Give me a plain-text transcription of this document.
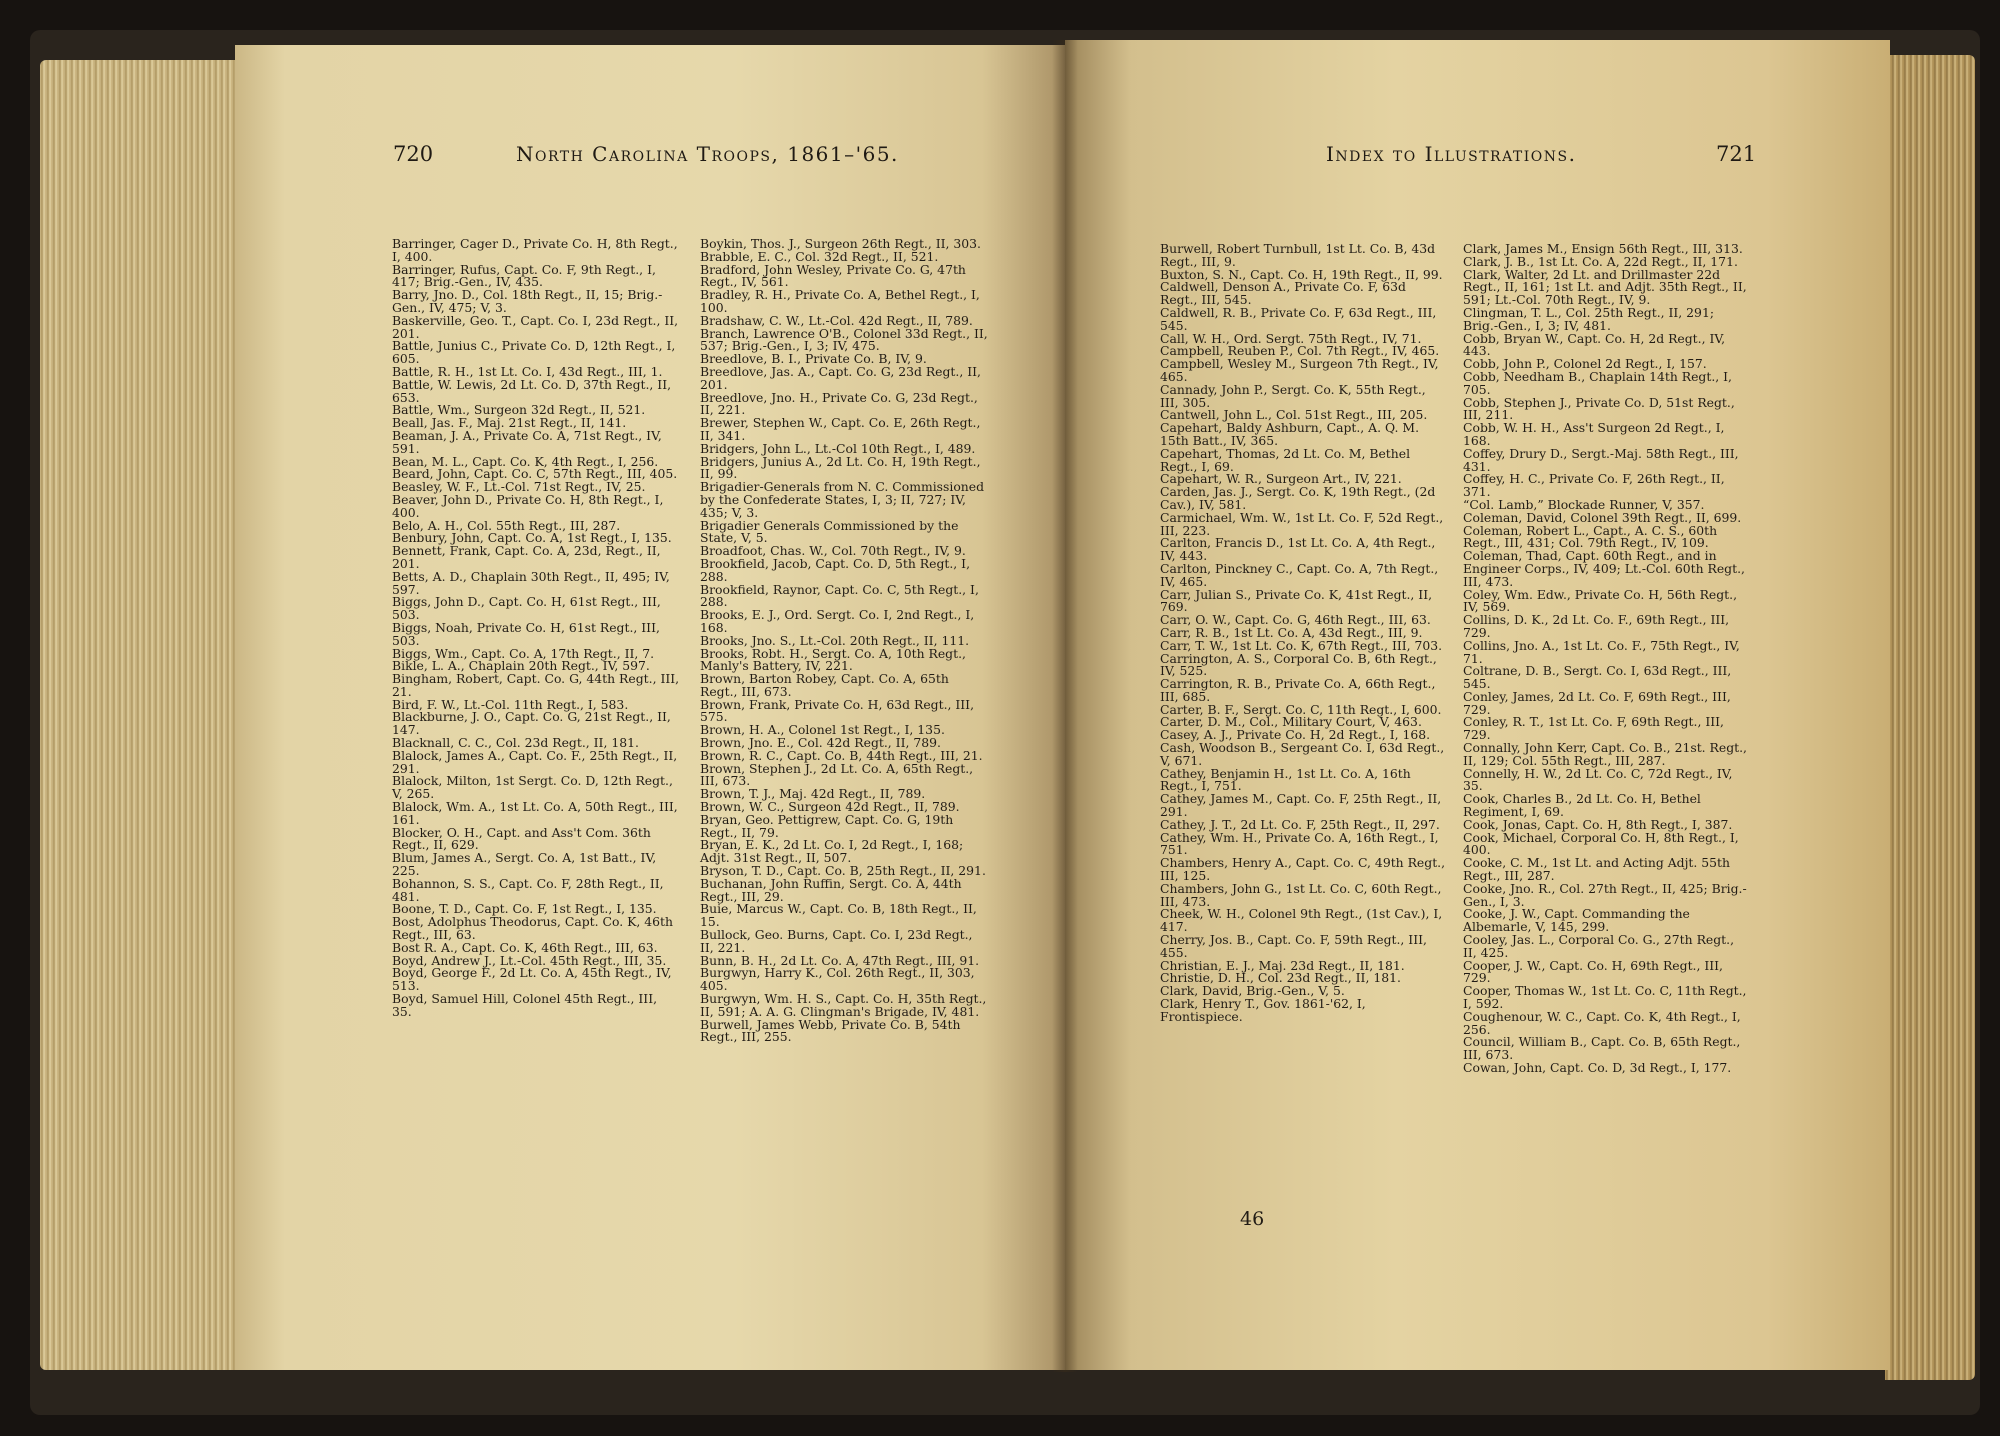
720	North Carolina Troops, 1861–'65.	Index to Illustrations.	721
Barringer, Cager D., Private Co. H, 8th Regt., I, 400.
Barringer, Rufus, Capt. Co. F, 9th Regt., I, 417; Brig.-Gen., IV, 435.
Barry, Jno. D., Col. 18th Regt., II, 15; Brig.-Gen., IV, 475; V, 3.
Baskerville, Geo. T., Capt. Co. I, 23d Regt., II, 201.
Battle, Junius C., Private Co. D, 12th Regt., I, 605.
Battle, R. H., 1st Lt. Co. I, 43d Regt., III, 1.
Battle, W. Lewis, 2d Lt. Co. D, 37th Regt., II, 653.
Battle, Wm., Surgeon 32d Regt., II, 521.
Beall, Jas. F., Maj. 21st Regt., II, 141.
Beaman, J. A., Private Co. A, 71st Regt., IV, 591.
Bean, M. L., Capt. Co. K, 4th Regt., I, 256.
Beard, John, Capt. Co. C, 57th Regt., III, 405.
Beasley, W. F., Lt.-Col. 71st Regt., IV, 25.
Beaver, John D., Private Co. H, 8th Regt., I, 400.
Belo, A. H., Col. 55th Regt., III, 287.
Benbury, John, Capt. Co. A, 1st Regt., I, 135.
Bennett, Frank, Capt. Co. A, 23d, Regt., II, 201.
Betts, A. D., Chaplain 30th Regt., II, 495; IV, 597.
Biggs, John D., Capt. Co. H, 61st Regt., III, 503.
Biggs, Noah, Private Co. H, 61st Regt., III, 503.
Biggs, Wm., Capt. Co. A, 17th Regt., II, 7.
Bikle, L. A., Chaplain 20th Regt., IV, 597.
Bingham, Robert, Capt. Co. G, 44th Regt., III, 21.
Bird, F. W., Lt.-Col. 11th Regt., I, 583.
Blackburne, J. O., Capt. Co. G, 21st Regt., II, 147.
Blacknall, C. C., Col. 23d Regt., II, 181.
Blalock, James A., Capt. Co. F., 25th Regt., II, 291.
Blalock, Milton, 1st Sergt. Co. D, 12th Regt., V, 265.
Blalock, Wm. A., 1st Lt. Co. A, 50th Regt., III, 161.
Blocker, O. H., Capt. and Ass't Com. 36th Regt., II, 629.
Blum, James A., Sergt. Co. A, 1st Batt., IV, 225.
Bohannon, S. S., Capt. Co. F, 28th Regt., II, 481.
Boone, T. D., Capt. Co. F, 1st Regt., I, 135.
Bost, Adolphus Theodorus, Capt. Co. K, 46th Regt., III, 63.
Bost R. A., Capt. Co. K, 46th Regt., III, 63.
Boyd, Andrew J., Lt.-Col. 45th Regt., III, 35.
Boyd, George F., 2d Lt. Co. A, 45th Regt., IV, 513.
Boyd, Samuel Hill, Colonel 45th Regt., III, 35.
Boykin, Thos. J., Surgeon 26th Regt., II, 303.
Brabble, E. C., Col. 32d Regt., II, 521.
Bradford, John Wesley, Private Co. G, 47th Regt., IV, 561.
Bradley, R. H., Private Co. A, Bethel Regt., I, 100.
Bradshaw, C. W., Lt.-Col. 42d Regt., II, 789.
Branch, Lawrence O'B., Colonel 33d Regt., II, 537; Brig.-Gen., I, 3; IV, 475.
Breedlove, B. I., Private Co. B, IV, 9.
Breedlove, Jas. A., Capt. Co. G, 23d Regt., II, 201.
Breedlove, Jno. H., Private Co. G, 23d Regt., II, 221.
Brewer, Stephen W., Capt. Co. E, 26th Regt., II, 341.
Bridgers, John L., Lt.-Col 10th Regt., I, 489.
Bridgers, Junius A., 2d Lt. Co. H, 19th Regt., II, 99.
Brigadier-Generals from N. C. Commissioned by the Confederate States, I, 3; II, 727; IV, 435; V, 3.
Brigadier Generals Commissioned by the State, V, 5.
Broadfoot, Chas. W., Col. 70th Regt., IV, 9.
Brookfield, Jacob, Capt. Co. D, 5th Regt., I, 288.
Brookfield, Raynor, Capt. Co. C, 5th Regt., I, 288.
Brooks, E. J., Ord. Sergt. Co. I, 2nd Regt., I, 168.
Brooks, Jno. S., Lt.-Col. 20th Regt., II, 111.
Brooks, Robt. H., Sergt. Co. A, 10th Regt., Manly's Battery, IV, 221.
Brown, Barton Robey, Capt. Co. A, 65th Regt., III, 673.
Brown, Frank, Private Co. H, 63d Regt., III, 575.
Brown, H. A., Colonel 1st Regt., I, 135.
Brown, Jno. E., Col. 42d Regt., II, 789.
Brown, R. C., Capt. Co. B, 44th Regt., III, 21.
Brown, Stephen J., 2d Lt. Co. A, 65th Regt., III, 673.
Brown, T. J., Maj. 42d Regt., II, 789.
Brown, W. C., Surgeon 42d Regt., II, 789.
Bryan, Geo. Pettigrew, Capt. Co. G, 19th Regt., II, 79.
Bryan, E. K., 2d Lt. Co. I, 2d Regt., I, 168; Adjt. 31st Regt., II, 507.
Bryson, T. D., Capt. Co. B, 25th Regt., II, 291.
Buchanan, John Ruffin, Sergt. Co. A, 44th Regt., III, 29.
Buie, Marcus W., Capt. Co. B, 18th Regt., II, 15.
Bullock, Geo. Burns, Capt. Co. I, 23d Regt., II, 221.
Bunn, B. H., 2d Lt. Co. A, 47th Regt., III, 91.
Burgwyn, Harry K., Col. 26th Regt., II, 303, 405.
Burgwyn, Wm. H. S., Capt. Co. H, 35th Regt., II, 591; A. A. G. Clingman's Brigade, IV, 481.
Burwell, James Webb, Private Co. B, 54th Regt., III, 255.
Burwell, Robert Turnbull, 1st Lt. Co. B, 43d Regt., III, 9.
Buxton, S. N., Capt. Co. H, 19th Regt., II, 99.
Caldwell, Denson A., Private Co. F, 63d Regt., III, 545.
Caldwell, R. B., Private Co. F, 63d Regt., III, 545.
Call, W. H., Ord. Sergt. 75th Regt., IV, 71.
Campbell, Reuben P., Col. 7th Regt., IV, 465.
Campbell, Wesley M., Surgeon 7th Regt., IV, 465.
Cannady, John P., Sergt. Co. K, 55th Regt., III, 305.
Cantwell, John L., Col. 51st Regt., III, 205.
Capehart, Baldy Ashburn, Capt., A. Q. M. 15th Batt., IV, 365.
Capehart, Thomas, 2d Lt. Co. M, Bethel Regt., I, 69.
Capehart, W. R., Surgeon Art., IV, 221.
Carden, Jas. J., Sergt. Co. K, 19th Regt., (2d Cav.), IV, 581.
Carmichael, Wm. W., 1st Lt. Co. F, 52d Regt., III, 223.
Carlton, Francis D., 1st Lt. Co. A, 4th Regt., IV, 443.
Carlton, Pinckney C., Capt. Co. A, 7th Regt., IV, 465.
Carr, Julian S., Private Co. K, 41st Regt., II, 769.
Carr, O. W., Capt. Co. G, 46th Regt., III, 63.
Carr, R. B., 1st Lt. Co. A, 43d Regt., III, 9.
Carr, T. W., 1st Lt. Co. K, 67th Regt., III, 703.
Carrington, A. S., Corporal Co. B, 6th Regt., IV, 525.
Carrington, R. B., Private Co. A, 66th Regt., III, 685.
Carter, B. F., Sergt. Co. C, 11th Regt., I, 600.
Carter, D. M., Col., Military Court, V, 463.
Casey, A. J., Private Co. H, 2d Regt., I, 168.
Cash, Woodson B., Sergeant Co. I, 63d Regt., V, 671.
Cathey, Benjamin H., 1st Lt. Co. A, 16th Regt., I, 751.
Cathey, James M., Capt. Co. F, 25th Regt., II, 291.
Cathey, J. T., 2d Lt. Co. F, 25th Regt., II, 297.
Cathey, Wm. H., Private Co. A, 16th Regt., I, 751.
Chambers, Henry A., Capt. Co. C, 49th Regt., III, 125.
Chambers, John G., 1st Lt. Co. C, 60th Regt., III, 473.
Cheek, W. H., Colonel 9th Regt., (1st Cav.), I, 417.
Cherry, Jos. B., Capt. Co. F, 59th Regt., III, 455.
Christian, E. J., Maj. 23d Regt., II, 181.
Christie, D. H., Col. 23d Regt., II, 181.
Clark, David, Brig.-Gen., V, 5.
Clark, Henry T., Gov. 1861-'62, I, Frontispiece.
Clark, James M., Ensign 56th Regt., III, 313.
Clark, J. B., 1st Lt. Co. A, 22d Regt., II, 171.
Clark, Walter, 2d Lt. and Drillmaster 22d Regt., II, 161; 1st Lt. and Adjt. 35th Regt., II, 591; Lt.-Col. 70th Regt., IV, 9.
Clingman, T. L., Col. 25th Regt., II, 291; Brig.-Gen., I, 3; IV, 481.
Cobb, Bryan W., Capt. Co. H, 2d Regt., IV, 443.
Cobb, John P., Colonel 2d Regt., I, 157.
Cobb, Needham B., Chaplain 14th Regt., I, 705.
Cobb, Stephen J., Private Co. D, 51st Regt., III, 211.
Cobb, W. H. H., Ass't Surgeon 2d Regt., I, 168.
Coffey, Drury D., Sergt.-Maj. 58th Regt., III, 431.
Coffey, H. C., Private Co. F, 26th Regt., II, 371.
“Col. Lamb,” Blockade Runner, V, 357.
Coleman, David, Colonel 39th Regt., II, 699.
Coleman, Robert L., Capt., A. C. S., 60th Regt., III, 431; Col. 79th Regt., IV, 109.
Coleman, Thad, Capt. 60th Regt., and in Engineer Corps., IV, 409; Lt.-Col. 60th Regt., III, 473.
Coley, Wm. Edw., Private Co. H, 56th Regt., IV, 569.
Collins, D. K., 2d Lt. Co. F., 69th Regt., III, 729.
Collins, Jno. A., 1st Lt. Co. F., 75th Regt., IV, 71.
Coltrane, D. B., Sergt. Co. I, 63d Regt., III, 545.
Conley, James, 2d Lt. Co. F, 69th Regt., III, 729.
Conley, R. T., 1st Lt. Co. F, 69th Regt., III, 729.
Connally, John Kerr, Capt. Co. B., 21st. Regt., II, 129; Col. 55th Regt., III, 287.
Connelly, H. W., 2d Lt. Co. C, 72d Regt., IV, 35.
Cook, Charles B., 2d Lt. Co. H, Bethel Regiment, I, 69.
Cook, Jonas, Capt. Co. H, 8th Regt., I, 387.
Cook, Michael, Corporal Co. H, 8th Regt., I, 400.
Cooke, C. M., 1st Lt. and Acting Adjt. 55th Regt., III, 287.
Cooke, Jno. R., Col. 27th Regt., II, 425; Brig.-Gen., I, 3.
Cooke, J. W., Capt. Commanding the Albemarle, V, 145, 299.
Cooley, Jas. L., Corporal Co. G., 27th Regt., II, 425.
Cooper, J. W., Capt. Co. H, 69th Regt., III, 729.
Cooper, Thomas W., 1st Lt. Co. C, 11th Regt., I, 592.
Coughenour, W. C., Capt. Co. K, 4th Regt., I, 256.
Council, William B., Capt. Co. B, 65th Regt., III, 673.
Cowan, John, Capt. Co. D, 3d Regt., I, 177.
46
